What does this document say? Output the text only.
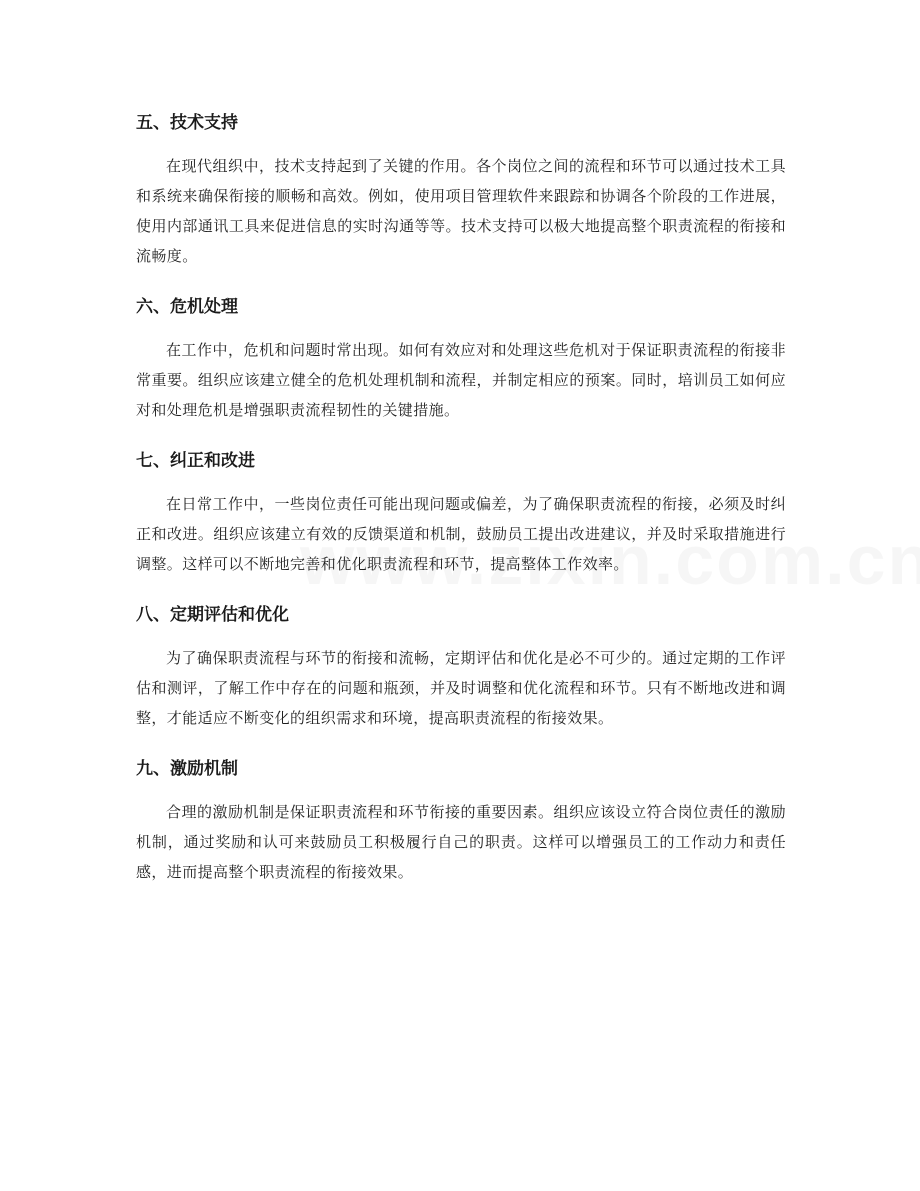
五、技术支持

在现代组织中，技术支持起到了关键的作用。各个岗位之间的流程和环节可以通过技术工具和系统来确保衔接的顺畅和高效。例如，使用项目管理软件来跟踪和协调各个阶段的工作进展，使用内部通讯工具来促进信息的实时沟通等等。技术支持可以极大地提高整个职责流程的衔接和流畅度。

六、危机处理

在工作中，危机和问题时常出现。如何有效应对和处理这些危机对于保证职责流程的衔接非常重要。组织应该建立健全的危机处理机制和流程，并制定相应的预案。同时，培训员工如何应对和处理危机是增强职责流程韧性的关键措施。

七、纠正和改进

在日常工作中，一些岗位责任可能出现问题或偏差，为了确保职责流程的衔接，必须及时纠正和改进。组织应该建立有效的反馈渠道和机制，鼓励员工提出改进建议，并及时采取措施进行调整。这样可以不断地完善和优化职责流程和环节，提高整体工作效率。

八、定期评估和优化

为了确保职责流程与环节的衔接和流畅，定期评估和优化是必不可少的。通过定期的工作评估和测评，了解工作中存在的问题和瓶颈，并及时调整和优化流程和环节。只有不断地改进和调整，才能适应不断变化的组织需求和环境，提高职责流程的衔接效果。

九、激励机制

合理的激励机制是保证职责流程和环节衔接的重要因素。组织应该设立符合岗位责任的激励机制，通过奖励和认可来鼓励员工积极履行自己的职责。这样可以增强员工的工作动力和责任感，进而提高整个职责流程的衔接效果。
